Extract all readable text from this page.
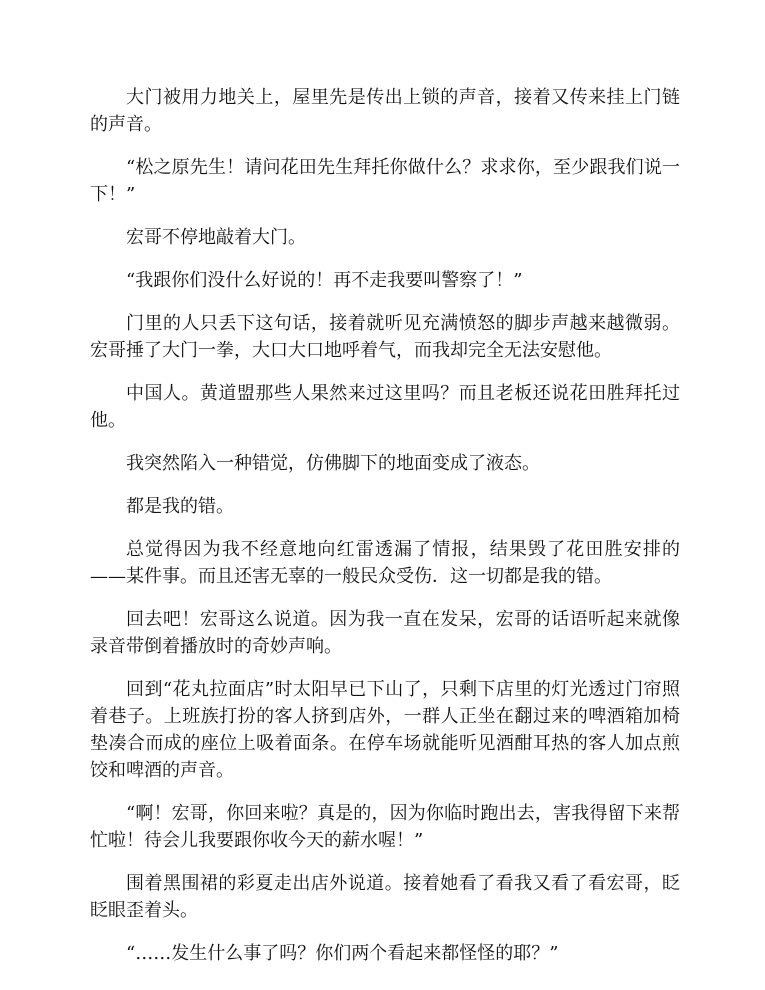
大门被用力地关上，屋里先是传出上锁的声音，接着又传来挂上门链的声音。

“松之原先生！请问花田先生拜托你做什么？求求你，至少跟我们说一下！”

宏哥不停地敲着大门。

“我跟你们没什么好说的！再不走我要叫警察了！”

门里的人只丢下这句话，接着就听见充满愤怒的脚步声越来越微弱。宏哥捶了大门一拳，大口大口地呼着气，而我却完全无法安慰他。

中国人。黄道盟那些人果然来过这里吗？而且老板还说花田胜拜托过他。

我突然陷入一种错觉，仿佛脚下的地面变成了液态。

都是我的错。

总觉得因为我不经意地向红雷透漏了情报，结果毁了花田胜安排的——某件事。而且还害无辜的一般民众受伤．这一切都是我的错。

回去吧！宏哥这么说道。因为我一直在发呆，宏哥的话语听起来就像录音带倒着播放时的奇妙声响。

回到“花丸拉面店”时太阳早已下山了，只剩下店里的灯光透过门帘照着巷子。上班族打扮的客人挤到店外，一群人正坐在翻过来的啤酒箱加椅垫凑合而成的座位上吸着面条。在停车场就能听见酒酣耳热的客人加点煎饺和啤酒的声音。

“啊！宏哥，你回来啦？真是的，因为你临时跑出去，害我得留下来帮忙啦！待会儿我要跟你收今天的薪水喔！”

围着黑围裙的彩夏走出店外说道。接着她看了看我又看了看宏哥，眨眨眼歪着头。

“……发生什么事了吗？你们两个看起来都怪怪的耶？”
